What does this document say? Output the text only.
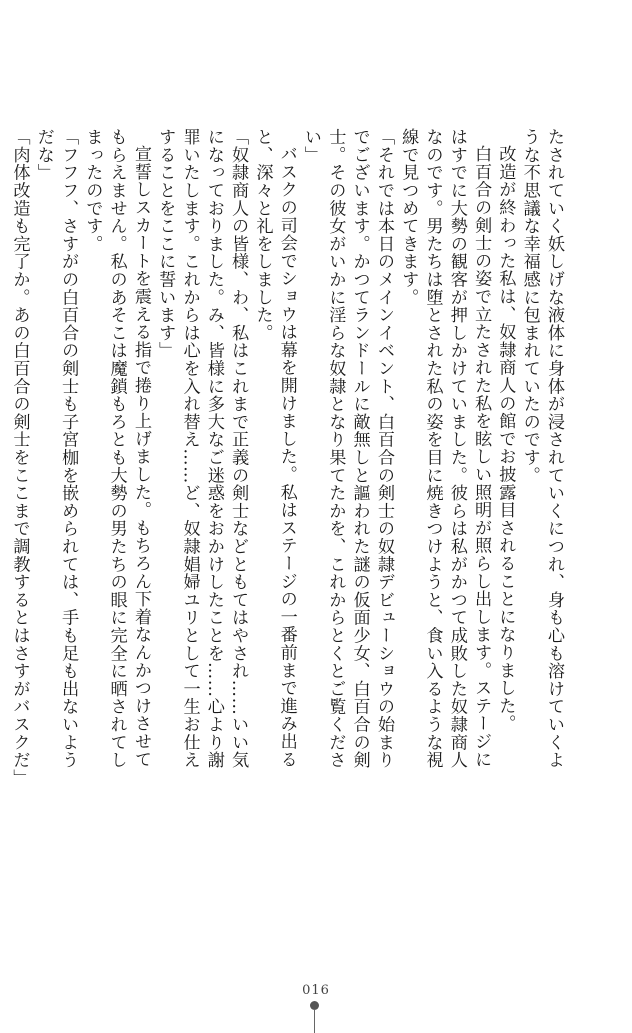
たされていく妖しげな液体に身体が浸されていくにつれ、身も心も溶けていくような不思議な幸福感に包まれていたのです。

改造が終わった私は、奴隷商人の館でお披露目されることになりました。

白百合の剣士の姿で立たされた私を眩しい照明が照らし出します。ステージにはすでに大勢の観客が押しかけていました。彼らは私がかつて成敗した奴隷商人なのです。男たちは堕とされた私の姿を目に焼きつけようと、食い入るような視線で見つめてきます。

「それでは本日のメインイベント、白百合の剣士の奴隷デビューショウの始まりでございます。かつてランドールに敵無しと謳われた謎の仮面少女、白百合の剣士。その彼女がいかに淫らな奴隷となり果てたかを、これからとくとご覧ください」

バスクの司会でショウは幕を開けました。私はステージの一番前まで進み出ると、深々と礼をしました。

「奴隷商人の皆様、わ、私はこれまで正義の剣士などともてはやされ……いい気になっておりました。み、皆様に多大なご迷惑をおかけしたことを……心より謝罪いたします。これからは心を入れ替え……ど、奴隷娼婦ユリとして一生お仕えすることをここに誓います」

宣誓しスカートを震える指で捲り上げました。もちろん下着なんかつけさせてもらえません。私のあそこは魔鎖もろとも大勢の男たちの眼に完全に晒されてしまったのです。

「フフフ、さすがの白百合の剣士も子宮枷を嵌められては、手も足も出ないようだな」

「肉体改造も完了か。あの白百合の剣士をここまで調教するとはさすがバスクだ」

016
